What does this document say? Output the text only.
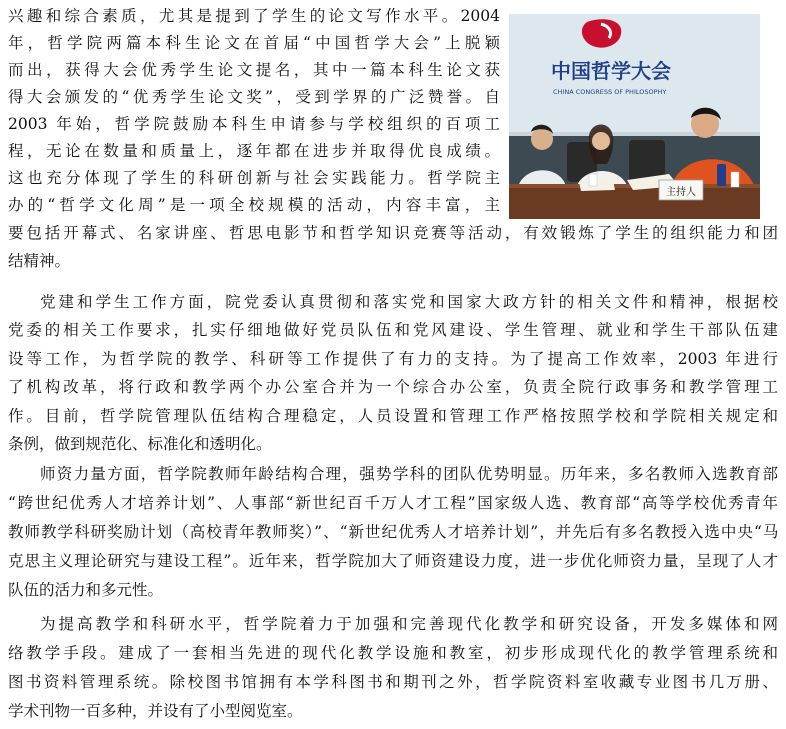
中国哲学大会
CHINA CONGRESS OF PHILOSOPHY
主持人
兴趣和综合素质，尤其是提到了学生的论文写作水平。2004
年，哲学院两篇本科生论文在首届“中国哲学大会”上脱颖
而出，获得大会优秀学生论文提名，其中一篇本科生论文获
得大会颁发的“优秀学生论文奖”，受到学界的广泛赞誉。自
2003 年始，哲学院鼓励本科生申请参与学校组织的百项工
程，无论在数量和质量上，逐年都在进步并取得优良成绩。
这也充分体现了学生的科研创新与社会实践能力。哲学院主
办的“哲学文化周”是一项全校规模的活动，内容丰富，主
要包括开幕式、名家讲座、哲思电影节和哲学知识竞赛等活动，有效锻炼了学生的组织能力和团
结精神。
党建和学生工作方面，院党委认真贯彻和落实党和国家大政方针的相关文件和精神，根据校
党委的相关工作要求，扎实仔细地做好党员队伍和党风建设、学生管理、就业和学生干部队伍建
设等工作，为哲学院的教学、科研等工作提供了有力的支持。为了提高工作效率，2003 年进行
了机构改革，将行政和教学两个办公室合并为一个综合办公室，负责全院行政事务和教学管理工
作。目前，哲学院管理队伍结构合理稳定，人员设置和管理工作严格按照学校和学院相关规定和
条例，做到规范化、标准化和透明化。
师资力量方面，哲学院教师年龄结构合理，强势学科的团队优势明显。历年来，多名教师入选教育部
“跨世纪优秀人才培养计划”、人事部“新世纪百千万人才工程”国家级人选、教育部“高等学校优秀青年
教师教学科研奖励计划（高校青年教师奖）”、“新世纪优秀人才培养计划”，并先后有多名教授入选中央“马
克思主义理论研究与建设工程”。近年来，哲学院加大了师资建设力度，进一步优化师资力量，呈现了人才
队伍的活力和多元性。
为提高教学和科研水平，哲学院着力于加强和完善现代化教学和研究设备，开发多媒体和网
络教学手段。建成了一套相当先进的现代化教学设施和教室，初步形成现代化的教学管理系统和
图书资料管理系统。除校图书馆拥有本学科图书和期刊之外，哲学院资料室收藏专业图书几万册、
学术刊物一百多种，并设有了小型阅览室。
